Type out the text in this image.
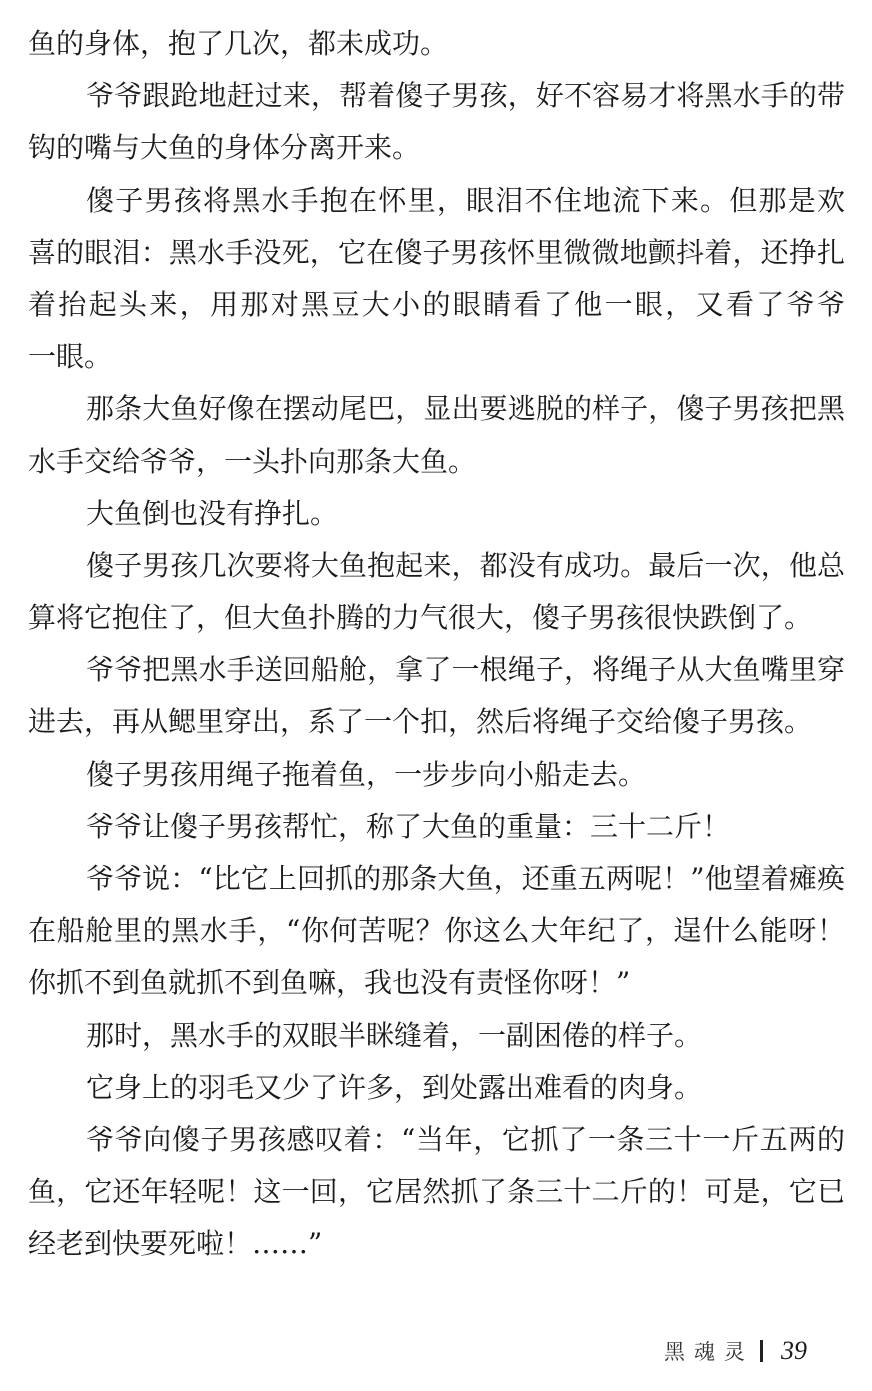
鱼的身体，抱了几次，都未成功。
爷爷跟跄地赶过来，帮着傻子男孩，好不容易才将黑水手的带
钩的嘴与大鱼的身体分离开来。
傻子男孩将黑水手抱在怀里，眼泪不住地流下来。但那是欢
喜的眼泪：黑水手没死，它在傻子男孩怀里微微地颤抖着，还挣扎
着抬起头来，用那对黑豆大小的眼睛看了他一眼，又看了爷爷
一眼。
那条大鱼好像在摆动尾巴，显出要逃脱的样子，傻子男孩把黑
水手交给爷爷，一头扑向那条大鱼。
大鱼倒也没有挣扎。
傻子男孩几次要将大鱼抱起来，都没有成功。最后一次，他总
算将它抱住了，但大鱼扑腾的力气很大，傻子男孩很快跌倒了。
爷爷把黑水手送回船舱，拿了一根绳子，将绳子从大鱼嘴里穿
进去，再从鳃里穿出，系了一个扣，然后将绳子交给傻子男孩。
傻子男孩用绳子拖着鱼，一步步向小船走去。
爷爷让傻子男孩帮忙，称了大鱼的重量：三十二斤！
爷爷说：“比它上回抓的那条大鱼，还重五两呢！”他望着瘫痪
在船舱里的黑水手，“你何苦呢？你这么大年纪了，逞什么能呀！
你抓不到鱼就抓不到鱼嘛，我也没有责怪你呀！”
那时，黑水手的双眼半眯缝着，一副困倦的样子。
它身上的羽毛又少了许多，到处露出难看的肉身。
爷爷向傻子男孩感叹着：“当年，它抓了一条三十一斤五两的
鱼，它还年轻呢！这一回，它居然抓了条三十二斤的！可是，它已
经老到快要死啦！……”
黑魂灵 39
